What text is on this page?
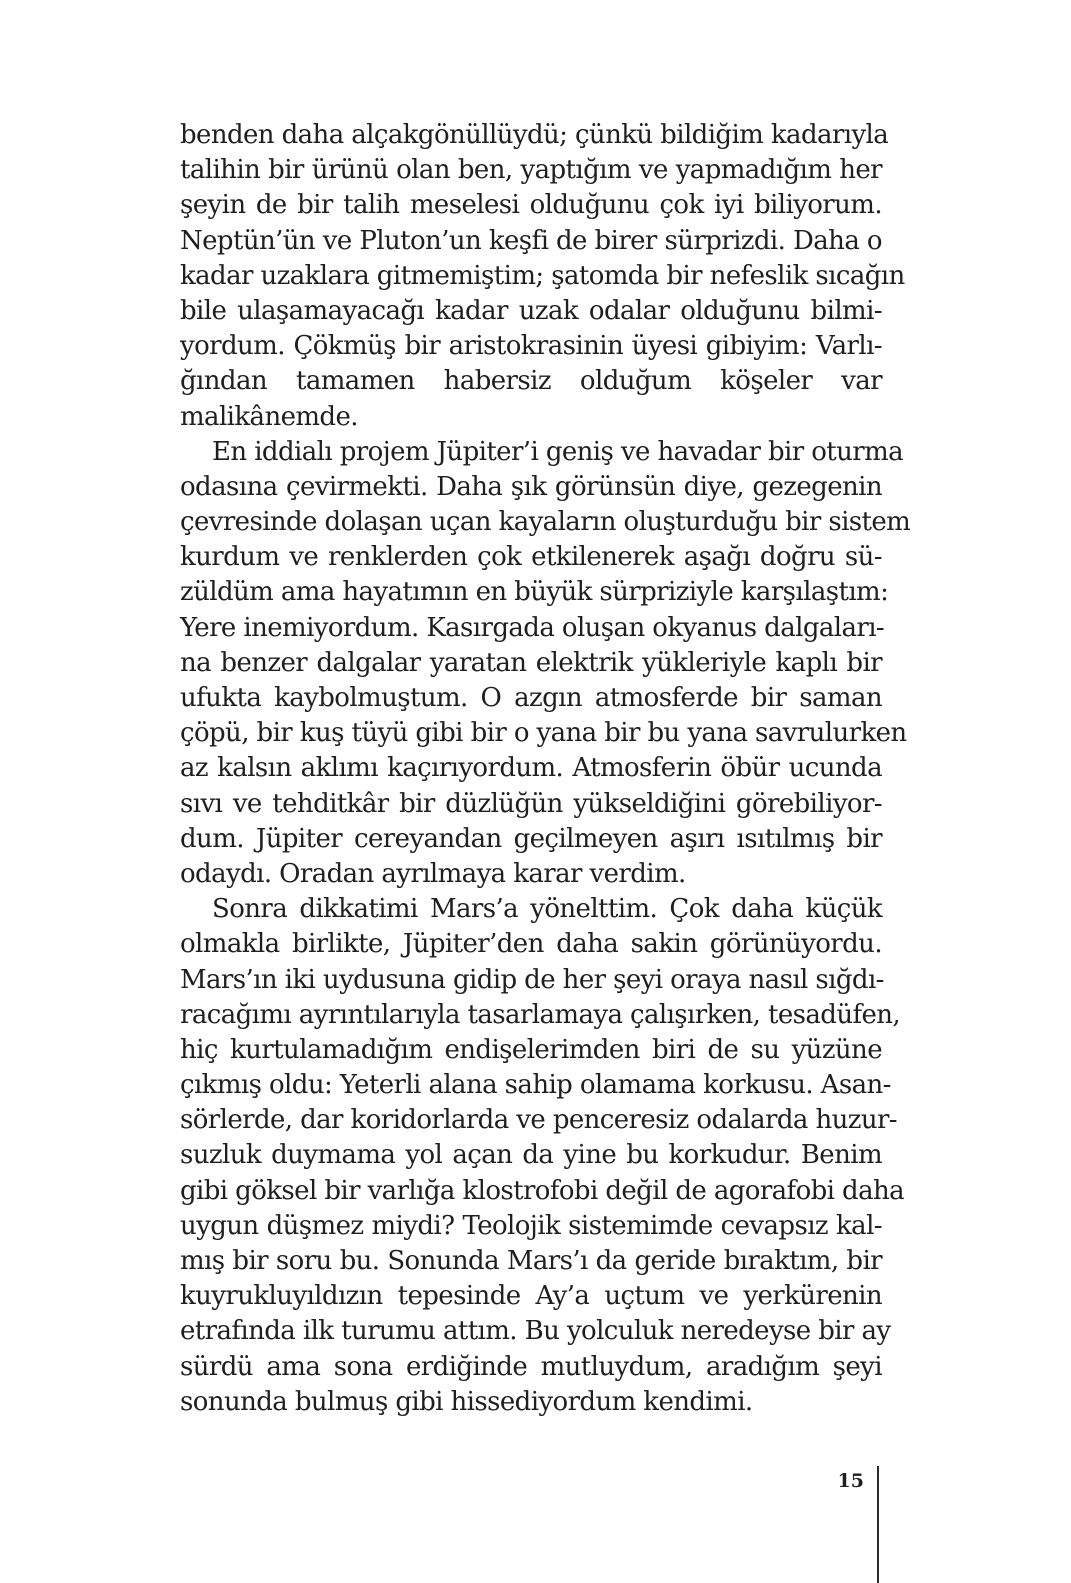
benden daha alçakgönüllüydü; çünkü bildiğim kadarıyla
talihin bir ürünü olan ben, yaptığım ve yapmadığım her
şeyin de bir talih meselesi olduğunu çok iyi biliyorum.
Neptün’ün ve Pluton’un keşfi de birer sürprizdi. Daha o
kadar uzaklara gitmemiştim; şatomda bir nefeslik sıcağın
bile ulaşamayacağı kadar uzak odalar olduğunu bilmi-
yordum. Çökmüş bir aristokrasinin üyesi gibiyim: Varlı-
ğından tamamen habersiz olduğum köşeler var
malikânemde.
En iddialı projem Jüpiter’i geniş ve havadar bir oturma
odasına çevirmekti. Daha şık görünsün diye, gezegenin
çevresinde dolaşan uçan kayaların oluşturduğu bir sistem
kurdum ve renklerden çok etkilenerek aşağı doğru sü-
züldüm ama hayatımın en büyük sürpriziyle karşılaştım:
Yere inemiyordum. Kasırgada oluşan okyanus dalgaları-
na benzer dalgalar yaratan elektrik yükleriyle kaplı bir
ufukta kaybolmuştum. O azgın atmosferde bir saman
çöpü, bir kuş tüyü gibi bir o yana bir bu yana savrulurken
az kalsın aklımı kaçırıyordum. Atmosferin öbür ucunda
sıvı ve tehditkâr bir düzlüğün yükseldiğini görebiliyor-
dum. Jüpiter cereyandan geçilmeyen aşırı ısıtılmış bir
odaydı. Oradan ayrılmaya karar verdim.
Sonra dikkatimi Mars’a yönelttim. Çok daha küçük
olmakla birlikte, Jüpiter’den daha sakin görünüyordu.
Mars’ın iki uydusuna gidip de her şeyi oraya nasıl sığdı-
racağımı ayrıntılarıyla tasarlamaya çalışırken, tesadüfen,
hiç kurtulamadığım endişelerimden biri de su yüzüne
çıkmış oldu: Yeterli alana sahip olamama korkusu. Asan-
sörlerde, dar koridorlarda ve penceresiz odalarda huzur-
suzluk duymama yol açan da yine bu korkudur. Benim
gibi göksel bir varlığa klostrofobi değil de agorafobi daha
uygun düşmez miydi? Teolojik sistemimde cevapsız kal-
mış bir soru bu. Sonunda Mars’ı da geride bıraktım, bir
kuyrukluyıldızın tepesinde Ay’a uçtum ve yerkürenin
etrafında ilk turumu attım. Bu yolculuk neredeyse bir ay
sürdü ama sona erdiğinde mutluydum, aradığım şeyi
sonunda bulmuş gibi hissediyordum kendimi.
15
